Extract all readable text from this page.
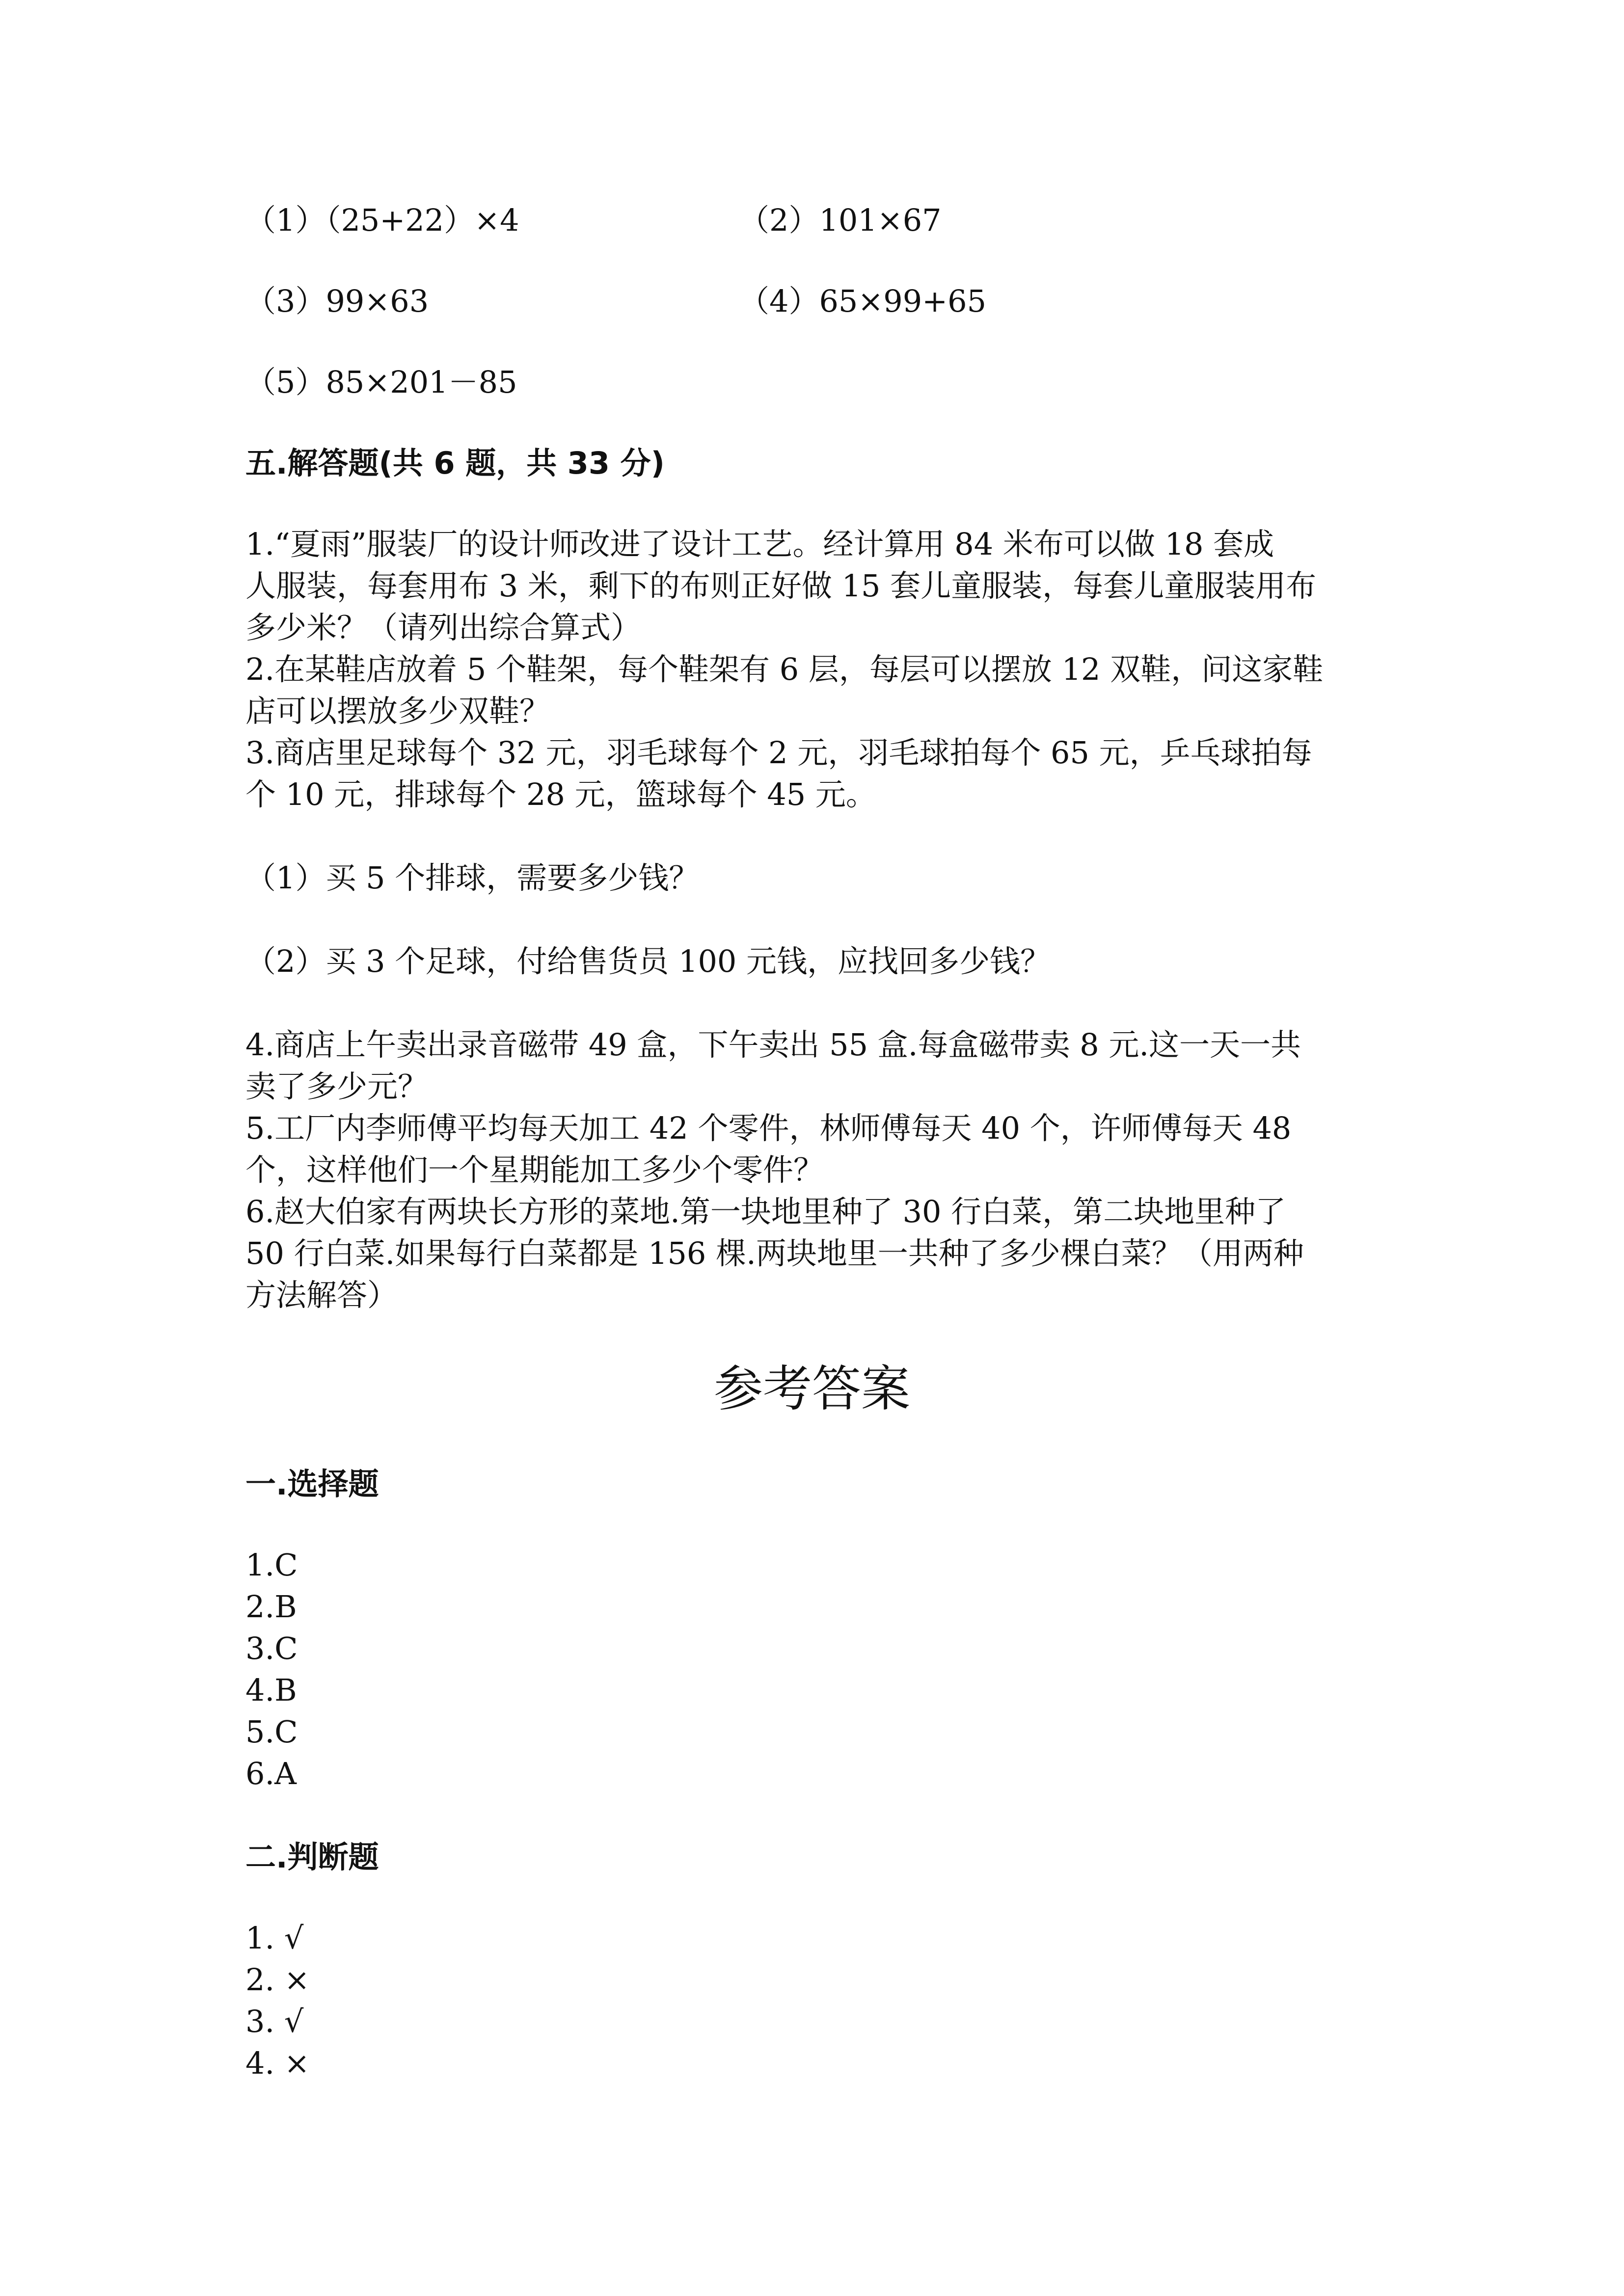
（1）（25+22）×4	（2）101×67
（3）99×63	（4）65×99+65
（5）85×201－85
五.解答题(共 6 题，共 33 分)
1.“夏雨”服装厂的设计师改进了设计工艺。经计算用 84 米布可以做 18 套成
人服装，每套用布 3 米，剩下的布则正好做 15 套儿童服装，每套儿童服装用布
多少米？（请列出综合算式）
2.在某鞋店放着 5 个鞋架，每个鞋架有 6 层，每层可以摆放 12 双鞋，问这家鞋
店可以摆放多少双鞋？
3.商店里足球每个 32 元，羽毛球每个 2 元，羽毛球拍每个 65 元，乒乓球拍每
个 10 元，排球每个 28 元，篮球每个 45 元。
（1）买 5 个排球，需要多少钱？
（2）买 3 个足球，付给售货员 100 元钱，应找回多少钱？
4.商店上午卖出录音磁带 49 盒，下午卖出 55 盒.每盒磁带卖 8 元.这一天一共
卖了多少元？
5.工厂内李师傅平均每天加工 42 个零件，林师傅每天 40 个，许师傅每天 48
个，这样他们一个星期能加工多少个零件？
6.赵大伯家有两块长方形的菜地.第一块地里种了 30 行白菜，第二块地里种了
50 行白菜.如果每行白菜都是 156 棵.两块地里一共种了多少棵白菜？（用两种
方法解答）
参考答案
一.选择题
1.C
2.B
3.C
4.B
5.C
6.A
二.判断题
1. √
2. ×
3. √
4. ×
